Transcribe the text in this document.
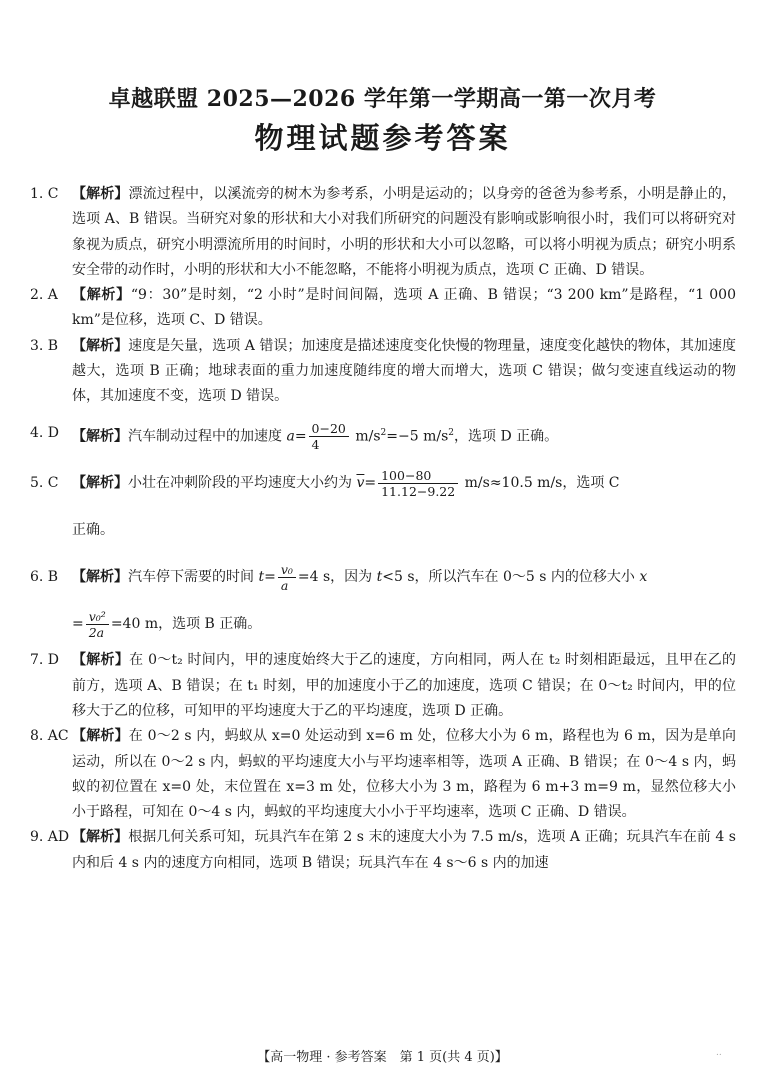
卓越联盟 2025—2026 学年第一学期高一第一次月考
物理试题参考答案
1. C 【解析】漂流过程中，以溪流旁的树木为参考系，小明是运动的；以身旁的爸爸为参考系，小明是静止的，选项 A、B 错误。当研究对象的形状和大小对我们所研究的问题没有影响或影响很小时，我们可以将研究对象视为质点，研究小明漂流所用的时间时，小明的形状和大小可以忽略，可以将小明视为质点；研究小明系安全带的动作时，小明的形状和大小不能忽略，不能将小明视为质点，选项 C 正确、D 错误。
2. A	【解析】“9：30”是时刻，“2 小时”是时间间隔，选项 A 正确、B 错误；“3 200 km”是路程，“1 000 km”是位移，选项 C、D 错误。
3. B 【解析】速度是矢量，选项 A 错误；加速度是描述速度变化快慢的物理量，速度变化越快的物体，其加速度越大，选项 B 正确；地球表面的重力加速度随纬度的增大而增大，选项 C 错误；做匀变速直线运动的物体，其加速度不变，选项 D 错误。
4. D 【解析】汽车制动过程中的加速度 $a= \frac{0-20}{4} m/s^2=-5$ $m/s^2$，选项 D 正确。
5. C 【解析】小壮在冲刺阶段的平均速度大小约为 $\overline{v}= \frac{100-80}{11.12-9.22} m/s\approx 10.5$ m/s，选项 C
正确。
6. B 【解析】汽车停下需要的时间 $t= \frac{\text{v₀}}{a} =4$ s，因为 t<5 s，所以汽车在 0～5 s 内的位移大小 x
= $\frac{\text{v₀²}}{2a} =40$ m，选项 B 正确。
7. D 【解析】在 0～t₂ 时间内，甲的速度始终大于乙的速度，方向相同，两人在 t₂ 时刻相距最远，且甲在乙的前方，选项 A、B 错误；在 t₁ 时刻，甲的加速度小于乙的加速度，选项 C 错误；在 0～t₂ 时间内，甲的位移大于乙的位移，可知甲的平均速度大于乙的平均速度，选项 D 正确。
8. AC 【解析】在 0～2 s 内，蚂蚁从 x=0 处运动到 x=6 m 处，位移大小为 6 m，路程也为 6 m，因为是单向运动，所以在 0～2 s 内，蚂蚁的平均速度大小与平均速率相等，选项 A 正确、B 错误；在 0～4 s 内，蚂蚁的初位置在 x=0 处，末位置在 x=3 m 处，位移大小为 3 m，路程为 6 m+3 m=9 m，显然位移大小小于路程，可知在 0～4 s 内，蚂蚁的平均速度大小小于平均速率，选项 C 正确、D 错误。
9. AD 【解析】根据几何关系可知，玩具汽车在第 2 s 末的速度大小为 7.5 m/s，选项 A 正确；玩具汽车在前 4 s 内和后 4 s 内的速度方向相同，选项 B 错误；玩具汽车在 4 s～6 s 内的加速
【高一物理 · 参考答案　第 1 页(共 4 页)】	..
